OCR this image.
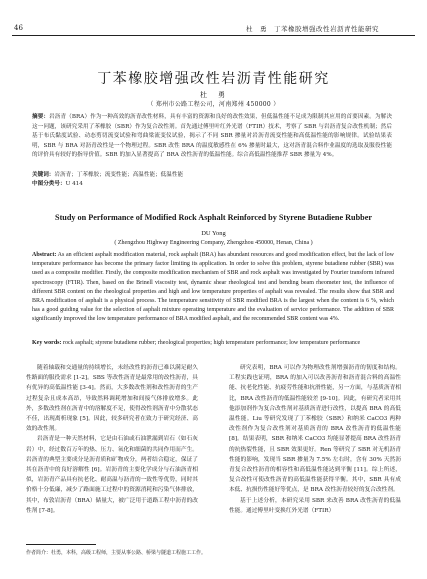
46	杜　勇　丁苯橡胶增强改性岩沥青性能研究
丁苯橡胶增强改性岩沥青性能研究
杜　勇
（ 郑州市公路工程公司，河南郑州 450000 ）
摘要：岩沥青（BRA）作为一种高效的沥青改性材料，具有丰富的资源和良好的改性效果，但低温性能不足成为限制其应用的首要因素。为解决这一问题，该研究采用了苯橡胶（SBR）作为复合改性剂。首先通过傅里叶红外光谱（FTIR）技术，考察了 SBR 与岩沥青复合改性机制；然后基于布氏黏度试验、动态剪切流变试验和弯曲梁流变仪试验，揭示了不同 SBR 掺量对岩沥青流变性能和高低温性能的影响规律。试验结果表明，SBR 与 BRA 对沥青改性是一个物理过程。SBR 改性 BRA 的温度敏感性在 6% 掺量时最大，这对沥青混合料作业温度的选取及服役性能的评价具有较好的指导价值。SBR 的加入显著提高了 BRA 改性沥青的低温性能。综合高低温性能推荐 SBR 掺量为 4%。
关键词：岩沥青；丁苯橡胶；流变性能；高温性能；低温性能
中图分类号：U 414
Study on Performance of Modified Rock Asphalt Reinforced by Styrene Butadiene Rubber
DU Yong
( Zhengzhou Highway Engineering Company, Zhengzhou 450000, Henan, China )
Abstract: As an efficient asphalt modification material, rock asphalt (BRA) has abundant resources and good modification effect, but the lack of low temperature performance has become the primary factor limiting its application. In order to solve this problem, styrene butadiene rubber (SBR) was used as a composite modifier. Firstly, the composite modification mechanism of SBR and rock asphalt was investigated by Fourier transform infrared spectroscopy (FTIR). Then, based on the Brinell viscosity test, dynamic shear rheological test and bending beam rheometer test, the influence of different SBR content on the rheological properties and high and low temperature properties of asphalt was revealed. The results show that SBR and BRA modification of asphalt is a physical process. The temperature sensitivity of SBR modified BRA is the largest when the content is 6 %, which has a good guiding value for the selection of asphalt mixture operating temperature and the evaluation of service performance. The addition of SBR significantly improved the low temperature performance of BRA modified asphalt, and the recommended SBR content was 4%.
Key words: rock asphalt; styrene butadiene rubber; rheological properties; high temperature performance; low temperature performance

随着轴载和交通量的持续增长，未经改性的沥青已难以满足耐久性路面的服役需求 [1-2]。SBS 等改性沥青是最常用的改性沥青，具有优异的高低温性能 [3-4]。然而，大多数改性剂和改性沥青的生产过程复杂且成本高昂，导致然料调耗增加和间接气体排放增多。此外，多数改性剂在沥青中的溶解度不足，使得改性剂沥青中分散状态不佳，出现离析现象 [5]。因此，较多研究者在致力于研究经济、高效的改性剂。

岩沥青是一种天然材料，它是由石油或石油泄漏到岩石（如石灰岩）中，经过数百万年的热、压力、氧化和细菌的共同作用而产生。岩沥青的典型主要成分是沥青质和矿物成分，两者结合稳定，保证了其在沥青中的良好溶解性 [6]。岩沥青的主要化学成分与石油沥青相似，岩沥青产品具有抗老化、耐高温与沥青的一致性等优势，同时其价格十分低廉，减少了路面施工过程中的资源消耗和污染气体排放，其中，布敦岩沥青（BRA）储量大，被广泛用于道路工程中沥青的改性剂 [7-8]。

研究表明，BRA 可以作为物理改性剂增强沥青的韧度和结构。工程实践也证明，BRA 的加入可以改善沥青和沥青混合料的高温性能、抗老化性能、抗疲劳性能和抗滑性能，另一方面，与基质沥青相比，BRA 改性沥青的低温性能较差 [9-10]。因此，有研究者采用其他添加剂作为复合改性剂对基质沥青进行改性，以提高 BRA 的高低温性能。Liu 等研究发现了丁苯橡胶（SBR）和纳米 CaCO3 两种改性剂作为复合改性剂对基质沥青的 BRA 改性沥青的低温性能 [8]。结果表明，SBR 和纳米 CaCO3 均能显著提高 BRA 改性沥青的抗热裂性能，且 SBR 效果更好。Ren 等研究了 SBR 对无机沥青性能的影响，发现当 SBR 掺量为 7.5% 左右时，含有 30% 天然沥青复合改性沥青的相容性和高低温性能达到平衡 [11]。综上所述，复合改性可使改性沥青的高低温性能获得平衡。其中，SBR 具有成本低、抗损伤性能好等优点，是 BRA 改性沥青较好的复合改性剂。

基于上述分析，本研究采用 SBR 来改善 BRA 改性沥青的低温性能。通过傅里叶变换红外光谱（FTIR）

作者简介：杜勇，本科，高级工程师，主要从事公路、桥梁与隧道工程施工工作。
